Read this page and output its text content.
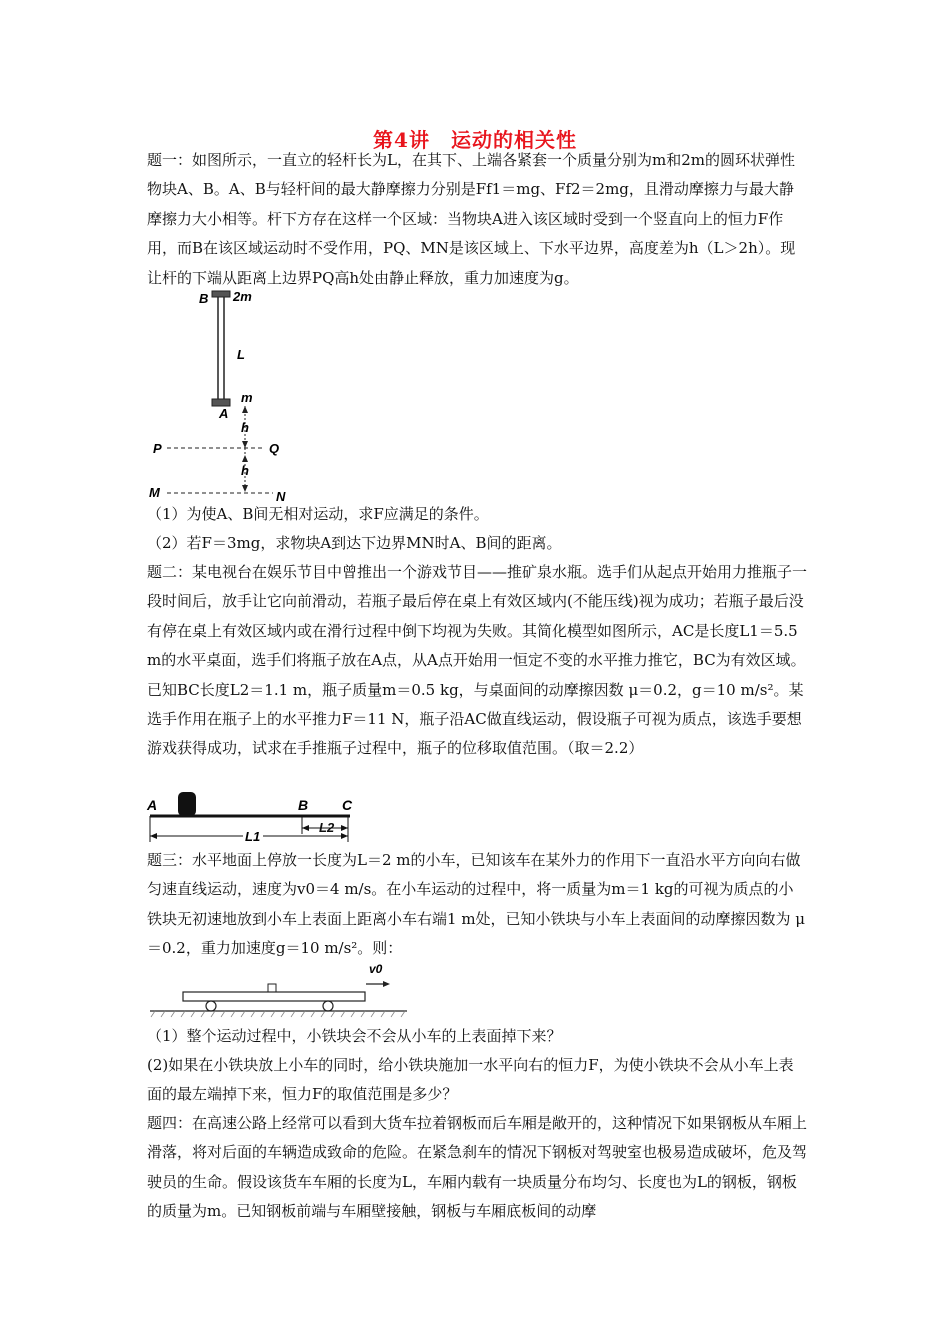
第4讲　运动的相关性
题一：如图所示，一直立的轻杆长为L，在其下、上端各紧套一个质量分别为m和2m的圆环状弹性物块A、B。A、B与轻杆间的最大静摩擦力分别是Ff1＝mg、Ff2＝2mg，且滑动摩擦力与最大静摩擦力大小相等。杆下方存在这样一个区域：当物块A进入该区域时受到一个竖直向上的恒力F作用，而B在该区域运动时不受作用，PQ、MN是该区域上、下水平边界，高度差为h（L＞2h）。现让杆的下端从距离上边界PQ高h处由静止释放，重力加速度为g。
B 2m
L
m
A
h
h
P	Q
M	N
（1）为使A、B间无相对运动，求F应满足的条件。
（2）若F＝3mg，求物块A到达下边界MN时A、B间的距离。
题二：某电视台在娱乐节目中曾推出一个游戏节目——推矿泉水瓶。选手们从起点开始用力推瓶子一段时间后，放手让它向前滑动，若瓶子最后停在桌上有效区域内(不能压线)视为成功；若瓶子最后没有停在桌上有效区域内或在滑行过程中倒下均视为失败。其简化模型如图所示，AC是长度L1＝5.5 m的水平桌面，选手们将瓶子放在A点，从A点开始用一恒定不变的水平推力推它，BC为有效区域。已知BC长度L2＝1.1 m，瓶子质量m＝0.5 kg，与桌面间的动摩擦因数 μ＝0.2，g＝10 m/s²。某选手作用在瓶子上的水平推力F＝11 N，瓶子沿AC做直线运动，假设瓶子可视为质点，该选手要想游戏获得成功，试求在手推瓶子过程中，瓶子的位移取值范围。（取＝2.2）
A	B C
L2
L1
题三：水平地面上停放一长度为L＝2 m的小车，已知该车在某外力的作用下一直沿水平方向向右做匀速直线运动，速度为v0＝4 m/s。在小车运动的过程中，将一质量为m＝1 kg的可视为质点的小铁块无初速地放到小车上表面上距离小车右端1 m处，已知小铁块与小车上表面间的动摩擦因数为 μ＝0.2，重力加速度g＝10 m/s²。则：
v0
（1）整个运动过程中，小铁块会不会从小车的上表面掉下来？
(2)如果在小铁块放上小车的同时，给小铁块施加一水平向右的恒力F，为使小铁块不会从小车上表面的最左端掉下来，恒力F的取值范围是多少？
题四：在高速公路上经常可以看到大货车拉着钢板而后车厢是敞开的，这种情况下如果钢板从车厢上滑落，将对后面的车辆造成致命的危险。在紧急刹车的情况下钢板对驾驶室也极易造成破坏，危及驾驶员的生命。假设该货车车厢的长度为L，车厢内载有一块质量分布均匀、长度也为L的钢板，钢板的质量为m。已知钢板前端与车厢壁接触，钢板与车厢底板间的动摩
